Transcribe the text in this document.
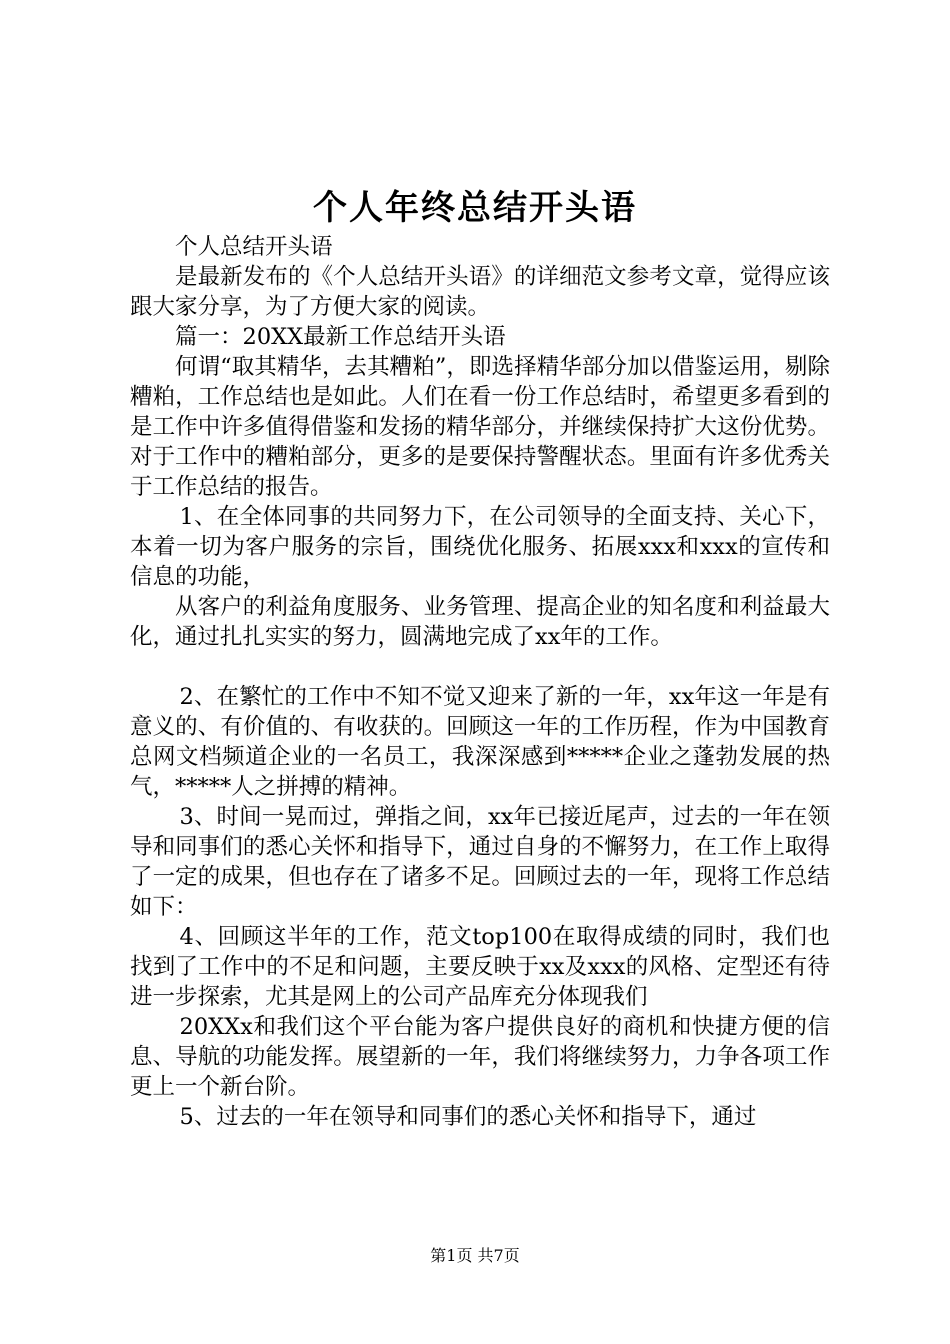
个人年终总结开头语

个人总结开头语

是最新发布的《个人总结开头语》的详细范文参考文章，觉得应该跟大家分享，为了方便大家的阅读。

篇一：20XX最新工作总结开头语

何谓“取其精华，去其糟粕”，即选择精华部分加以借鉴运用，剔除糟粕，工作总结也是如此。人们在看一份工作总结时，希望更多看到的是工作中许多值得借鉴和发扬的精华部分，并继续保持扩大这份优势。对于工作中的糟粕部分，更多的是要保持警醒状态。里面有许多优秀关于工作总结的报告。

1、在全体同事的共同努力下，在公司领导的全面支持、关心下，本着一切为客户服务的宗旨，围绕优化服务、拓展xxx和xxx的宣传和信息的功能，

从客户的利益角度服务、业务管理、提高企业的知名度和利益最大化，通过扎扎实实的努力，圆满地完成了xx年的工作。

2、在繁忙的工作中不知不觉又迎来了新的一年，xx年这一年是有意义的、有价值的、有收获的。回顾这一年的工作历程，作为中国教育总网文档频道企业的一名员工，我深深感到*****企业之蓬勃发展的热气，*****人之拼搏的精神。

3、时间一晃而过，弹指之间，xx年已接近尾声，过去的一年在领导和同事们的悉心关怀和指导下，通过自身的不懈努力，在工作上取得了一定的成果，但也存在了诸多不足。回顾过去的一年，现将工作总结如下：

4、回顾这半年的工作，范文top100在取得成绩的同时，我们也找到了工作中的不足和问题，主要反映于xx及xxx的风格、定型还有待进一步探索，尤其是网上的公司产品库充分体现我们

20XXx和我们这个平台能为客户提供良好的商机和快捷方便的信息、导航的功能发挥。展望新的一年，我们将继续努力，力争各项工作更上一个新台阶。

5、过去的一年在领导和同事们的悉心关怀和指导下，通过

第1页 共7页
